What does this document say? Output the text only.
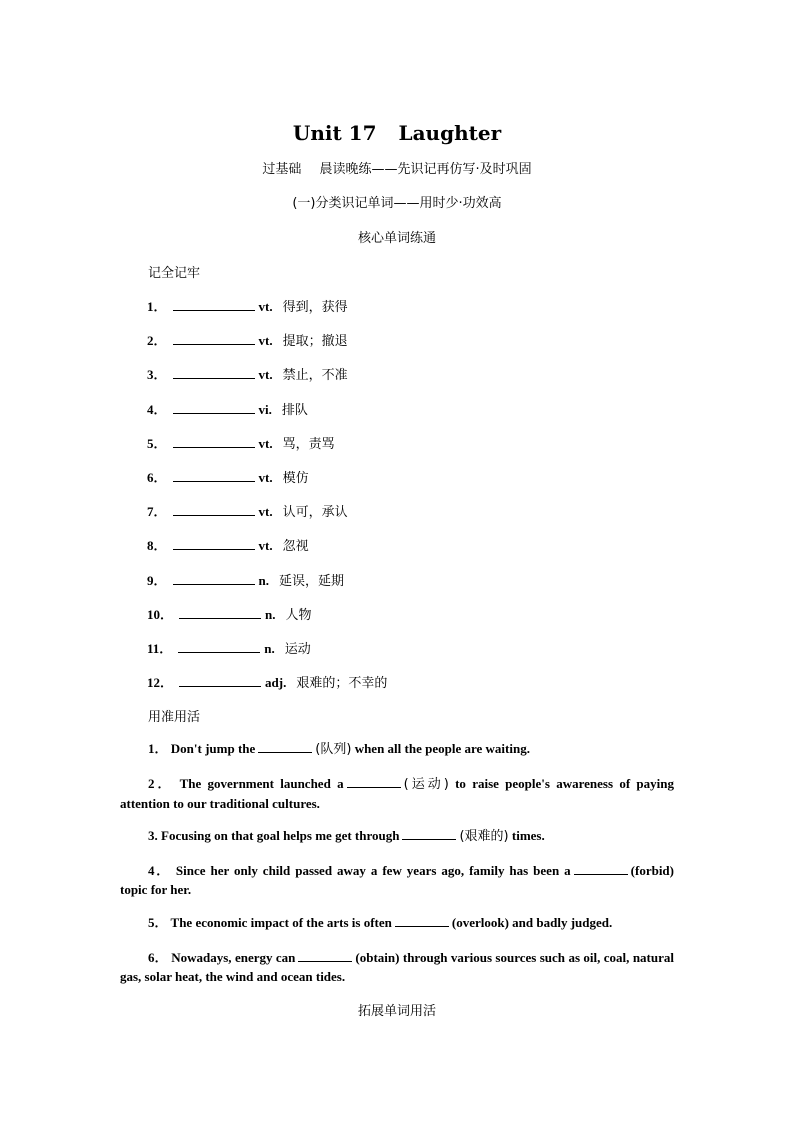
Unit 17 Laughter
过基础 晨读晚练——先识记再仿写·及时巩固
(一)分类识记单词——用时少·功效高
核心单词练通
记全记牢
1．	vt. 得到，获得
2．	vt. 提取；撤退
3．	vt. 禁止，不准
4．	vi. 排队
5．	vt. 骂，责骂
6．	vt. 模仿
7．	vt. 认可，承认
8．	vt. 忽视
9．	n. 延误，延期
10．	n. 人物
11．	n. 运动
12．	adj. 艰难的；不幸的
用准用活
1． Don't jump the	(队列) when all the people are waiting.
2． The government launched a	(运动) to raise people's awareness of paying attention to our traditional cultures.
3. Focusing on that goal helps me get through	(艰难的) times.
4． Since her only child passed away a few years ago, family has been a	(forbid) topic for her.
5． The economic impact of the arts is often	(overlook) and badly judged.
6． Nowadays, energy can	(obtain) through various sources such as oil, coal, natural gas, solar heat, the wind and ocean tides.
拓展单词用活
